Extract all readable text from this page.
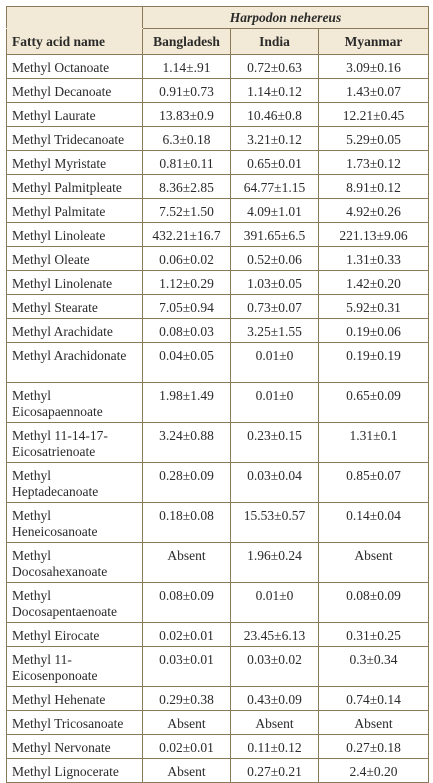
	Harpodon nehereus		
Fatty acid name	Bangladesh	India	Myanmar
Methyl Octanoate	1.14±.91	0.72±0.63	3.09±0.16
Methyl Decanoate	0.91±0.73	1.14±0.12	1.43±0.07
Methyl Laurate	13.83±0.9	10.46±0.8	12.21±0.45
Methyl Tridecanoate	6.3±0.18	3.21±0.12	5.29±0.05
Methyl Myristate	0.81±0.11	0.65±0.01	1.73±0.12
Methyl Palmitpleate	8.36±2.85	64.77±1.15	8.91±0.12
Methyl Palmitate	7.52±1.50	4.09±1.01	4.92±0.26
Methyl Linoleate	432.21±16.7	391.65±6.5	221.13±9.06
Methyl Oleate	0.06±0.02	0.52±0.06	1.31±0.33
Methyl Linolenate	1.12±0.29	1.03±0.05	1.42±0.20
Methyl Stearate	7.05±0.94	0.73±0.07	5.92±0.31
Methyl Arachidate	0.08±0.03	3.25±1.55	0.19±0.06
Methyl Arachidonate	0.04±0.05	0.01±0	0.19±0.19
Methyl Eicosapaennoate	1.98±1.49	0.01±0	0.65±0.09
Methyl 11-14-17-Eicosatrienoate	3.24±0.88	0.23±0.15	1.31±0.1
Methyl Heptadecanoate	0.28±0.09	0.03±0.04	0.85±0.07
Methyl Heneicosanoate	0.18±0.08	15.53±0.57	0.14±0.04
Methyl Docosahexanoate	Absent	1.96±0.24	Absent
Methyl Docosapentaenoate	0.08±0.09	0.01±0	0.08±0.09
Methyl Eirocate	0.02±0.01	23.45±6.13	0.31±0.25
Methyl 11-Eicosenponoate	0.03±0.01	0.03±0.02	0.3±0.34
Methyl Hehenate	0.29±0.38	0.43±0.09	0.74±0.14
Methyl Tricosanoate	Absent	Absent	Absent
Methyl Nervonate	0.02±0.01	0.11±0.12	0.27±0.18
Methyl Lignocerate	Absent	0.27±0.21	2.4±0.20
